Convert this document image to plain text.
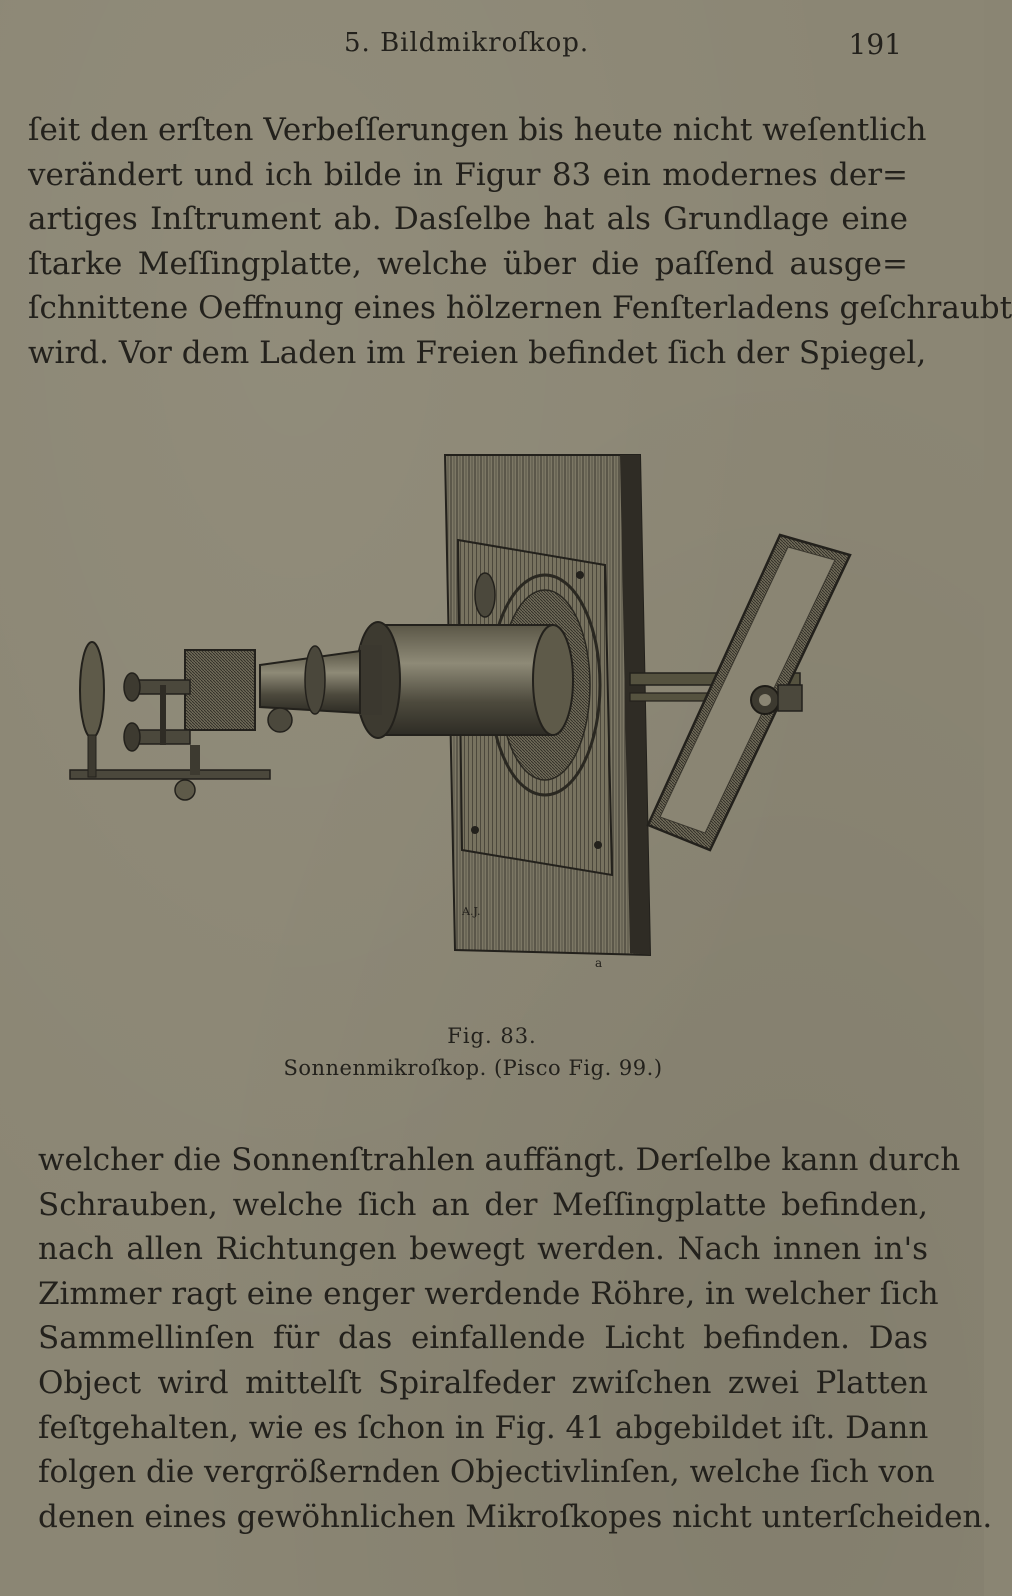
5. Bildmikroſkop.	191

ſeit den erſten Verbeſſerungen bis heute nicht weſentlich
verändert und ich bilde in Figur 83 ein modernes der=
artiges Inſtrument ab. Dasſelbe hat als Grundlage eine
ſtarke Meſſingplatte, welche über die paſſend ausge=
ſchnittene Oeffnung eines hölzernen Fenſterladens geſchraubt
wird. Vor dem Laden im Freien befindet ſich der Spiegel,

A.J.
a
Fig. 83.
Sonnenmikroſkop. (Pisco Fig. 99.)

welcher die Sonnenſtrahlen auffängt. Derſelbe kann durch
Schrauben, welche ſich an der Meſſingplatte befinden,
nach allen Richtungen bewegt werden. Nach innen in's
Zimmer ragt eine enger werdende Röhre, in welcher ſich
Sammellinſen für das einfallende Licht befinden. Das
Object wird mittelſt Spiralfeder zwiſchen zwei Platten
feſtgehalten, wie es ſchon in Fig. 41 abgebildet iſt. Dann
folgen die vergrößernden Objectivlinſen, welche ſich von
denen eines gewöhnlichen Mikroſkopes nicht unterſcheiden.
